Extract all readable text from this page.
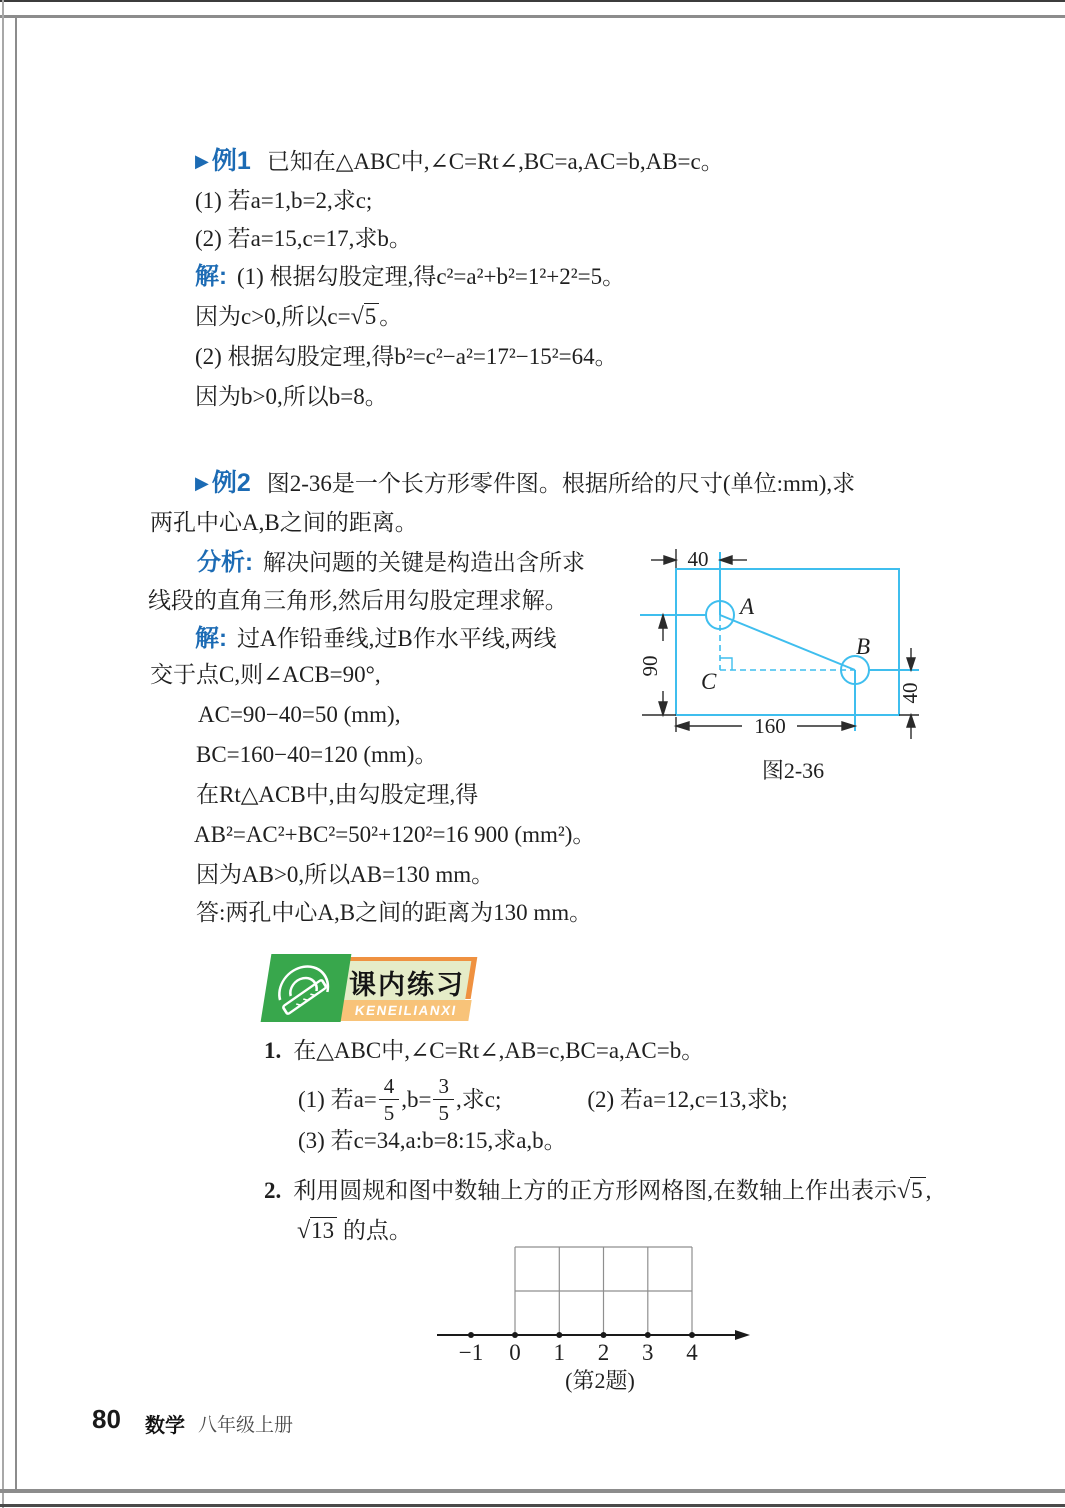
▶ 例1 已知在△ABC中,∠C=Rt∠,BC=a,AC=b,AB=c。
(1) 若a=1,b=2,求c;
(2) 若a=15,c=17,求b。
解: (1) 根据勾股定理,得c²=a²+b²=1²+2²=5。
因为c>0,所以c=√5 。
(2) 根据勾股定理,得b²=c²−a²=17²−15²=64。
因为b>0,所以b=8。
▶ 例2 图2-36是一个长方形零件图。根据所给的尺寸(单位:mm),求
两孔中心A,B之间的距离。
分析: 解决问题的关键是构造出含所求
线段的直角三角形,然后用勾股定理求解。
解: 过A作铅垂线,过B作水平线,两线
交于点C,则∠ACB=90°,
AC=90−40=50 (mm),
BC=160−40=120 (mm)。
在Rt△ACB中,由勾股定理,得
AB²=AC²+BC²=50²+120²=16 900 (mm²)。
因为AB>0,所以AB=130 mm。
答:两孔中心A,B之间的距离为130 mm。
40
90
160
40
A
B
C
图2-36
KENEILIANXI
课内练习
1. 在△ABC中,∠C=Rt∠,AB=c,BC=a,AC=b。
(1) 若$a= \frac{4}{5} ,b= \frac{3}{5}$ ,求c;	(2) 若a=12,c=13,求b;
(3) 若c=34,a:b=8:15,求a,b。
2. 利用圆规和图中数轴上方的正方形网格图,在数轴上作出表示√5 ,
√13 的点。
−1 0 1 2 3 4
(第2题)
80 数学 八年级上册
